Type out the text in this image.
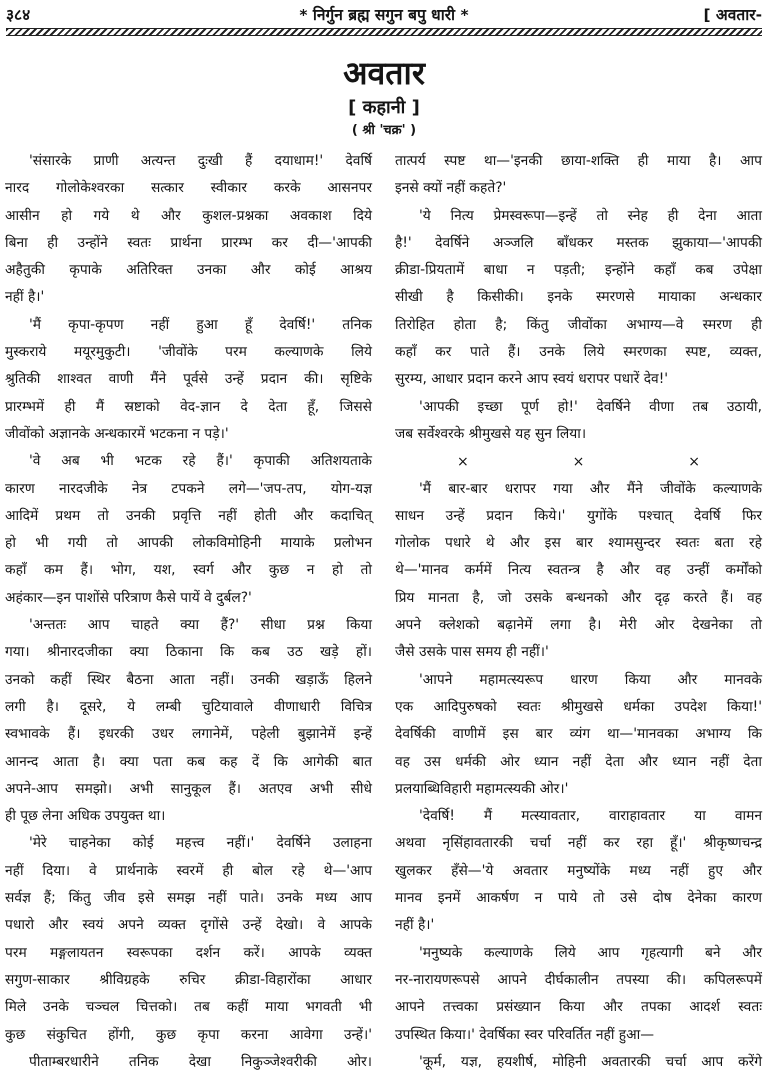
३८४	* निर्गुन ब्रह्म सगुन बपु धारी *	[ अवतार-
अवतार
[ कहानी ]
( श्री 'चक्र' )
'संसारके प्राणी अत्यन्त दुःखी हैं दयाधाम!' देवर्षि
नारद गोलोकेश्वरका सत्कार स्वीकार करके आसनपर
आसीन हो गये थे और कुशल-प्रश्नका अवकाश दिये
बिना ही उन्होंने स्वतः प्रार्थना प्रारम्भ कर दी—'आपकी
अहैतुकी कृपाके अतिरिक्त उनका और कोई आश्रय
नहीं है।'
'मैं कृपा-कृपण नहीं हुआ हूँ देवर्षि!' तनिक
मुस्कराये मयूरमुकुटी। 'जीवोंके परम कल्याणके लिये
श्रुतिकी शाश्वत वाणी मैंने पूर्वसे उन्हें प्रदान की। सृष्टिके
प्रारम्भमें ही मैं स्रष्टाको वेद-ज्ञान दे देता हूँ, जिससे
जीवोंको अज्ञानके अन्धकारमें भटकना न पड़े।'
'वे अब भी भटक रहे हैं।' कृपाकी अतिशयताके
कारण नारदजीके नेत्र टपकने लगे—'जप-तप, योग-यज्ञ
आदिमें प्रथम तो उनकी प्रवृत्ति नहीं होती और कदाचित्
हो भी गयी तो आपकी लोकविमोहिनी मायाके प्रलोभन
कहाँ कम हैं। भोग, यश, स्वर्ग और कुछ न हो तो
अहंकार—इन पाशोंसे परित्राण कैसे पायें वे दुर्बल?'
'अन्ततः आप चाहते क्या हैं?' सीधा प्रश्न किया
गया। श्रीनारदजीका क्या ठिकाना कि कब उठ खड़े हों।
उनको कहीं स्थिर बैठना आता नहीं। उनकी खड़ाऊँ हिलने
लगी है। दूसरे, ये लम्बी चुटियावाले वीणाधारी विचित्र
स्वभावके हैं। इधरकी उधर लगानेमें, पहेली बुझानेमें इन्हें
आनन्द आता है। क्या पता कब कह दें कि आगेकी बात
अपने-आप समझो। अभी सानुकूल हैं। अतएव अभी सीधे
ही पूछ लेना अधिक उपयुक्त था।
'मेरे चाहनेका कोई महत्त्व नहीं।' देवर्षिने उलाहना
नहीं दिया। वे प्रार्थनाके स्वरमें ही बोल रहे थे—'आप
सर्वज्ञ हैं; किंतु जीव इसे समझ नहीं पाते। उनके मध्य आप
पधारो और स्वयं अपने व्यक्त दृगोंसे उन्हें देखो। वे आपके
परम मङ्गलायतन स्वरूपका दर्शन करें। आपके व्यक्त
सगुण-साकार श्रीविग्रहके रुचिर क्रीडा-विहारोंका आधार
मिले उनके चञ्चल चित्तको। तब कहीं माया भगवती भी
कुछ संकुचित होंगी, कुछ कृपा करना आवेगा उन्हें।'
पीताम्बरधारीने तनिक देखा निकुञ्जेश्वरीकी ओर।
तात्पर्य स्पष्ट था—'इनकी छाया-शक्ति ही माया है। आप
इनसे क्यों नहीं कहते?'
'ये नित्य प्रेमस्वरूपा—इन्हें तो स्नेह ही देना आता
है!' देवर्षिने अञ्जलि बाँधकर मस्तक झुकाया—'आपकी
क्रीडा-प्रियतामें बाधा न पड़ती; इन्होंने कहाँ कब उपेक्षा
सीखी है किसीकी। इनके स्मरणसे मायाका अन्धकार
तिरोहित होता है; किंतु जीवोंका अभाग्य—वे स्मरण ही
कहाँ कर पाते हैं। उनके लिये स्मरणका स्पष्ट, व्यक्त,
सुरम्य, आधार प्रदान करने आप स्वयं धरापर पधारें देव!'
'आपकी इच्छा पूर्ण हो!' देवर्षिने वीणा तब उठायी,
जब सर्वेश्वरके श्रीमुखसे यह सुन लिया।
×	×	×
'मैं बार-बार धरापर गया और मैंने जीवोंके कल्याणके
साधन उन्हें प्रदान किये।' युगोंके पश्चात् देवर्षि फिर
गोलोक पधारे थे और इस बार श्यामसुन्दर स्वतः बता रहे
थे—'मानव कर्ममें नित्य स्वतन्त्र है और वह उन्हीं कर्मोंको
प्रिय मानता है, जो उसके बन्धनको और दृढ़ करते हैं। वह
अपने क्लेशको बढ़ानेमें लगा है। मेरी ओर देखनेका तो
जैसे उसके पास समय ही नहीं।'
'आपने महामत्स्यरूप धारण किया और मानवके
एक आदिपुरुषको स्वतः श्रीमुखसे धर्मका उपदेश किया!'
देवर्षिकी वाणीमें इस बार व्यंग था—'मानवका अभाग्य कि
वह उस धर्मकी ओर ध्यान नहीं देता और ध्यान नहीं देता
प्रलयाब्धिविहारी महामत्स्यकी ओर।'
'देवर्षि! मैं मत्स्यावतार, वाराहावतार या वामन
अथवा नृसिंहावतारकी चर्चा नहीं कर रहा हूँ।' श्रीकृष्णचन्द्र
खुलकर हँसे—'ये अवतार मनुष्योंके मध्य नहीं हुए और
मानव इनमें आकर्षण न पाये तो उसे दोष देनेका कारण
नहीं है।'
'मनुष्यके कल्याणके लिये आप गृहत्यागी बने और
नर-नारायणरूपसे आपने दीर्घकालीन तपस्या की। कपिलरूपमें
आपने तत्त्वका प्रसंख्यान किया और तपका आदर्श स्वतः
उपस्थित किया।' देवर्षिका स्वर परिवर्तित नहीं हुआ—
'कूर्म, यज्ञ, हयशीर्ष, मोहिनी अवतारकी चर्चा आप करेंगे
